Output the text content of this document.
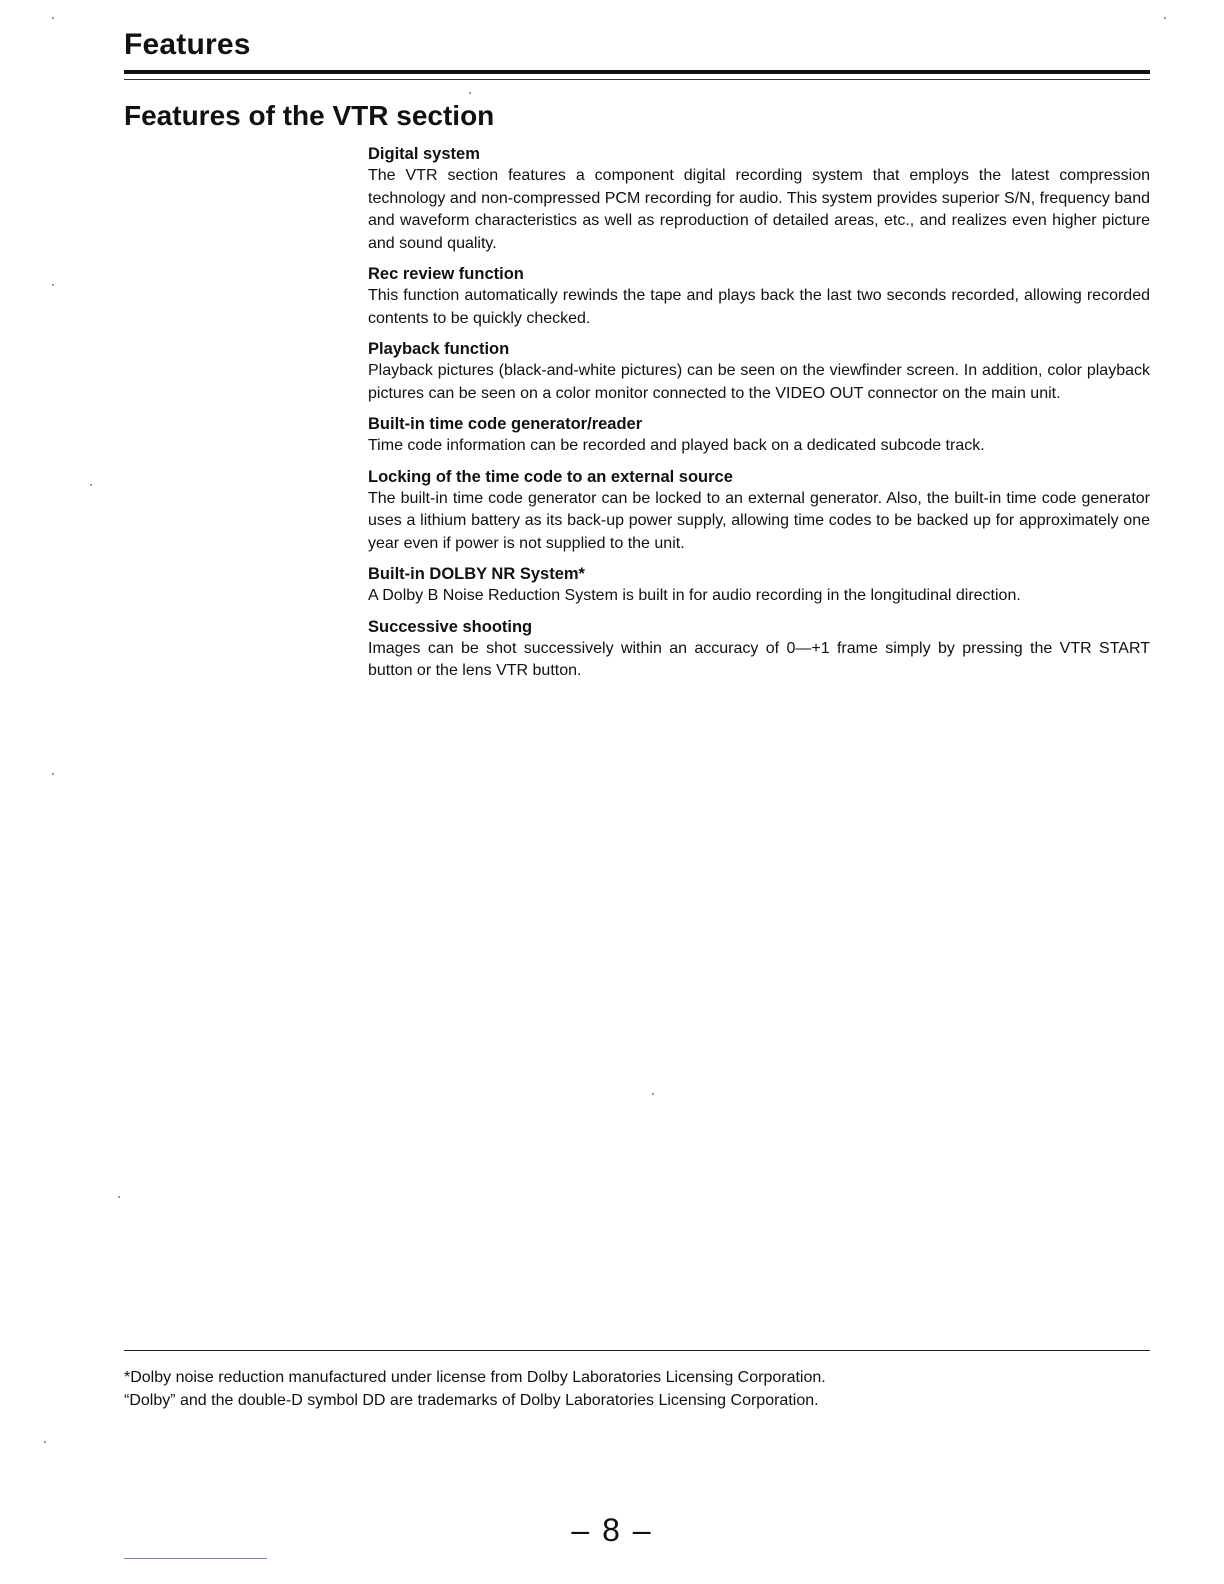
Features
Features of the VTR section

Digital system

The VTR section features a component digital recording system that employs the latest compression technology and non-compressed PCM recording for audio. This system provides superior S/N, frequency band and waveform characteristics as well as reproduction of detailed areas, etc., and realizes even higher picture and sound quality.

Rec review function

This function automatically rewinds the tape and plays back the last two seconds recorded, allowing recorded contents to be quickly checked.

Playback function

Playback pictures (black-and-white pictures) can be seen on the viewfinder screen. In addition, color playback pictures can be seen on a color monitor connected to the VIDEO OUT connector on the main unit.

Built-in time code generator/reader

Time code information can be recorded and played back on a dedicated subcode track.

Locking of the time code to an external source

The built-in time code generator can be locked to an external generator. Also, the built-in time code generator uses a lithium battery as its back-up power supply, allowing time codes to be backed up for approximately one year even if power is not supplied to the unit.

Built-in DOLBY NR System*

A Dolby B Noise Reduction System is built in for audio recording in the longitudinal direction.

Successive shooting

Images can be shot successively within an accuracy of 0—+1 frame simply by pressing the VTR START button or the lens VTR button.

*Dolby noise reduction manufactured under license from Dolby Laboratories Licensing Corporation.

“Dolby” and the double-D symbol DD are trademarks of Dolby Laboratories Licensing Corporation.

– 8 –
